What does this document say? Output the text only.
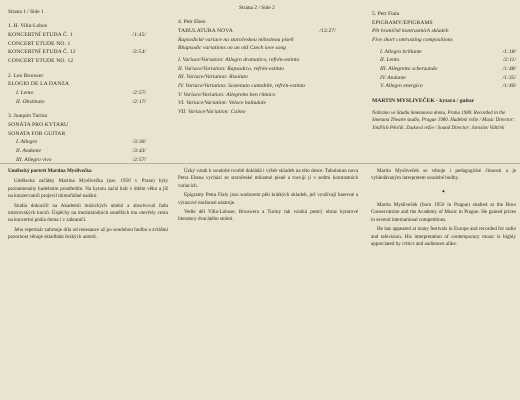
Strana 1 / Side 1
1. H. Villa-Lobos
KONCERTNÍ ETUDA Č. 1	/1:45/
CONCERT ETUDE NO. 1
KONCERTNÍ ETUDA Č. 12	/2:54/
CONCERT ETUDE NO. 12
2. Leo Brouwer
ELOGIO DE LA DANZA
I. Lento	/2:57/
II. Obstinato	/2:17/
3. Joaquin Turina
SONÁTA PRO KYTARU
SONATA FOR GUITAR
I. Allegro	/3:36/
II. Andante	/3:43/
III. Allegro vivo	/2:57/
Strana 2 / Side 2
4. Petr Eben
TABULATURA NOVA	/12:27/
Rapsodické variace na staročeskou milostnou píseň
Rhapsodic variations on an old Czech love song
I. Variace/Variation: Allegro dramatico, refrén-estinto
II. Variace/Variation: Rapsodico, refrén-estinto
III. Variace/Variation: Risoluto
IV. Variace/Variation: Sostenuto cantabile, refrén-estinto
V. Variace/Variation: Allegretto ben ritmico
VI. Variace/Variation: Veloce balladole
VII. Variace/Variation: Calmo
5. Petr Fiala
EPIGRAMY/EPIGRAMS
Pět hraničně kontrastních skladeb
Five short contrasting compositions
I. Allegro brillante	/1:18/
II. Lento	/2:11/
III. Allegretto scherzando	/1:48/
IV. Andante	/1:35/
V. Allegro energico	/1:40/
MARTIN MYSLIVEČEK - kytara / guitar
Nahráno ve Studiu Smetanova domu, Praha 1980. Recorded in the Smetana Theatre studio, Prague 1980. Hudební režie / Music Director: Jindřich Pěnčík. Zvuková režie / Sound Director: Jaroslav Valtček

Umělecký portrét Martina Myslivečka

Umělecká začátky Martina Myslivečka (nar. 1950 v Praze) byly poznamenány hudebním prostředím. Na kytaru začal hrát v útlém věku a již na konzervatoři projevil mimořádné nadání.

Studia dokončil na Akademii múzických umění a absolvoval řadu mistrovských kurzů. Úspěchy na mezinárodních soutěžích mu otevřely cestu na koncertní pódia doma i v zahraničí.

Jeho repertoár zahrnuje díla od renesance až po soudobou hudbu a zvláštní pozornost věnuje skladbám českých autorů.

Úzký vztah k soudobé tvorbě dokládá i výběr skladeb na této desce. Tabulatura nova Petra Ebena vychází ze staročeské milostné písně a rozvíjí ji v sedmi kontrastních variacích.

Epigramy Petra Fialy jsou souborem pěti krátkých skladeb, jež využívají barevné a výrazové možnosti nástroje.

Vedle děl Villa-Lobose, Brouwera a Turiny tak vzniká pestrý obraz kytarové literatury dvacátého století.

Martin Mysliveček se věnuje i pedagogické činnosti a je vyhledávaným interpretem soudobé hudby.

✦

Martin Mysliveček (born 1950 in Prague) studied at the Brno Conservatoire and the Academy of Music in Prague. He gained prizes in several international competitions.

He has appeared at many festivals in Europe and recorded for radio and television. His interpretation of contemporary music is highly appreciated by critics and audiences alike.
